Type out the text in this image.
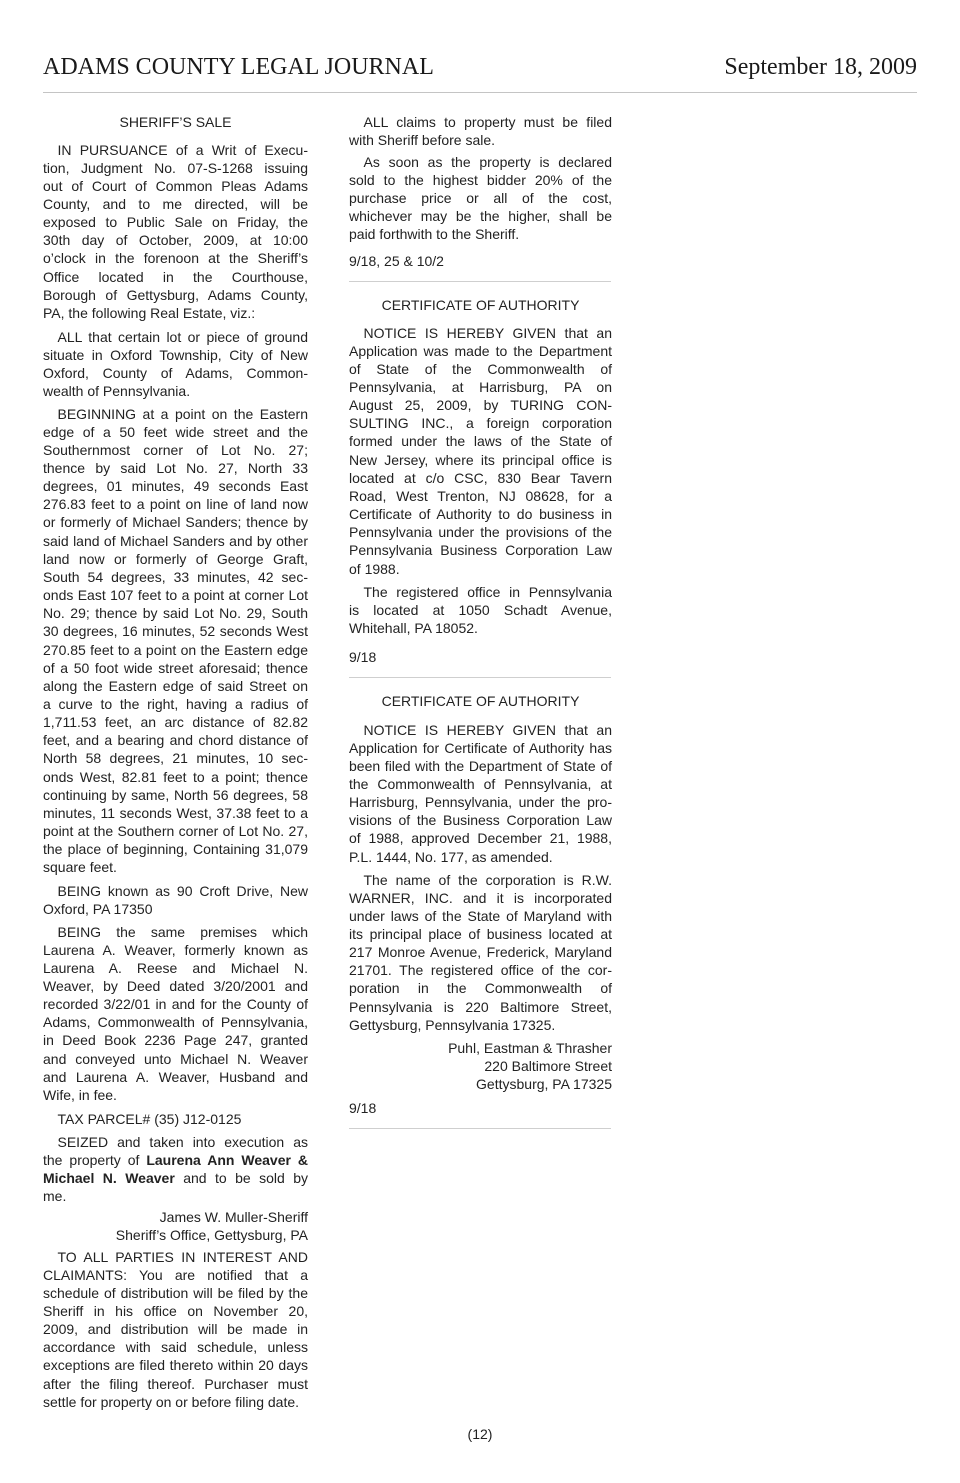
ADAMS COUNTY LEGAL JOURNAL	September 18, 2009
SHERIFF’S SALE
IN PURSUANCE of a Writ of Execu-
tion, Judgment No. 07-S-1268 issuing
out of Court of Common Pleas Adams
County, and to me directed, will be
exposed to Public Sale on Friday, the
30th day of October, 2009, at 10:00
o’clock in the forenoon at the Sheriff’s
Office located in the Courthouse,
Borough of Gettysburg, Adams County,
PA, the following Real Estate, viz.:
ALL that certain lot or piece of ground
situate in Oxford Township, City of New
Oxford, County of Adams, Common-
wealth of Pennsylvania.
BEGINNING at a point on the Eastern
edge of a 50 feet wide street and the
Southernmost corner of Lot No. 27;
thence by said Lot No. 27, North 33
degrees, 01 minutes, 49 seconds East
276.83 feet to a point on line of land now
or formerly of Michael Sanders; thence by
said land of Michael Sanders and by other
land now or formerly of George Graft,
South 54 degrees, 33 minutes, 42 sec-
onds East 107 feet to a point at corner Lot
No. 29; thence by said Lot No. 29, South
30 degrees, 16 minutes, 52 seconds West
270.85 feet to a point on the Eastern edge
of a 50 foot wide street aforesaid; thence
along the Eastern edge of said Street on
a curve to the right, having a radius of
1,711.53 feet, an arc distance of 82.82
feet, and a bearing and chord distance of
North 58 degrees, 21 minutes, 10 sec-
onds West, 82.81 feet to a point; thence
continuing by same, North 56 degrees, 58
minutes, 11 seconds West, 37.38 feet to a
point at the Southern corner of Lot No. 27,
the place of beginning, Containing 31,079
square feet.
BEING known as 90 Croft Drive, New
Oxford, PA 17350
BEING the same premises which
Laurena A. Weaver, formerly known as
Laurena A. Reese and Michael N.
Weaver, by Deed dated 3/20/2001 and
recorded 3/22/01 in and for the County of
Adams, Commonwealth of Pennsylvania,
in Deed Book 2236 Page 247, granted
and conveyed unto Michael N. Weaver
and Laurena A. Weaver, Husband and
Wife, in fee.
TAX PARCEL# (35) J12-0125
SEIZED and taken into execution as
the property of Laurena Ann Weaver &
Michael N. Weaver and to be sold by
me.
James W. Muller-Sheriff
Sheriff’s Office, Gettysburg, PA
TO ALL PARTIES IN INTEREST AND
CLAIMANTS: You are notified that a
schedule of distribution will be filed by the
Sheriff in his office on November 20,
2009, and distribution will be made in
accordance with said schedule, unless
exceptions are filed thereto within 20 days
after the filing thereof. Purchaser must
settle for property on or before filing date.
ALL claims to property must be filed
with Sheriff before sale.
As soon as the property is declared
sold to the highest bidder 20% of the
purchase price or all of the cost,
whichever may be the higher, shall be
paid forthwith to the Sheriff.
9/18, 25 & 10/2
CERTIFICATE OF AUTHORITY
NOTICE IS HEREBY GIVEN that an
Application was made to the Department
of State of the Commonwealth of
Pennsylvania, at Harrisburg, PA on
August 25, 2009, by TURING CON-
SULTING INC., a foreign corporation
formed under the laws of the State of
New Jersey, where its principal office is
located at c/o CSC, 830 Bear Tavern
Road, West Trenton, NJ 08628, for a
Certificate of Authority to do business in
Pennsylvania under the provisions of the
Pennsylvania Business Corporation Law
of 1988.
The registered office in Pennsylvania
is located at 1050 Schadt Avenue,
Whitehall, PA 18052.
9/18
CERTIFICATE OF AUTHORITY
NOTICE IS HEREBY GIVEN that an
Application for Certificate of Authority has
been filed with the Department of State of
the Commonwealth of Pennsylvania, at
Harrisburg, Pennsylvania, under the pro-
visions of the Business Corporation Law
of 1988, approved December 21, 1988,
P.L. 1444, No. 177, as amended.
The name of the corporation is R.W.
WARNER, INC. and it is incorporated
under laws of the State of Maryland with
its principal place of business located at
217 Monroe Avenue, Frederick, Maryland
21701. The registered office of the cor-
poration in the Commonwealth of
Pennsylvania is 220 Baltimore Street,
Gettysburg, Pennsylvania 17325.
Puhl, Eastman & Thrasher
220 Baltimore Street
Gettysburg, PA 17325
9/18
(12)
